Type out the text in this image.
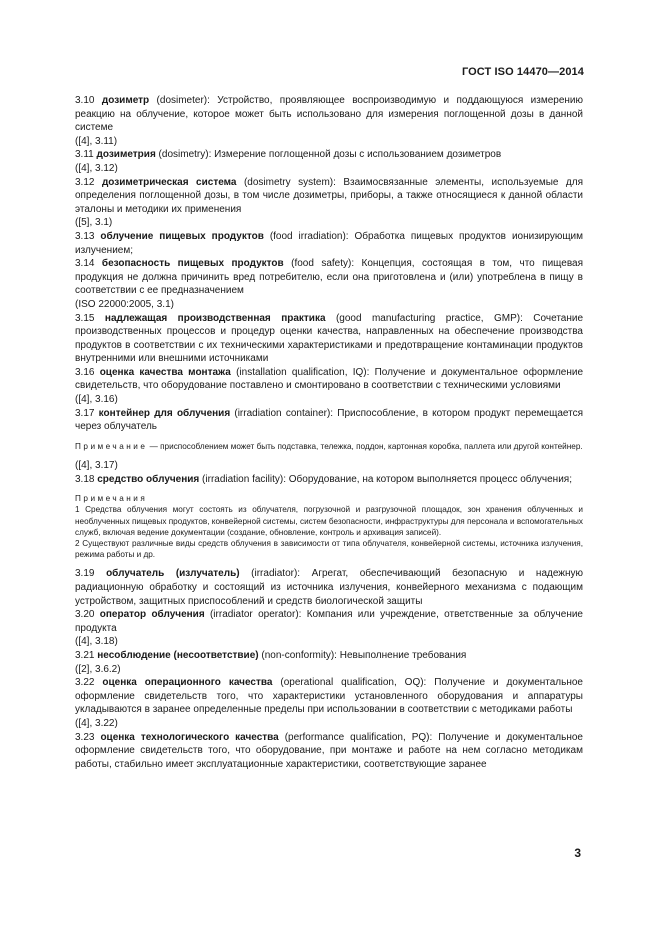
ГОСТ ISO 14470—2014

3.10 дозиметр (dosimeter): Устройство, проявляющее воспроизводимую и поддающуюся измерению реакцию на облучение, которое может быть использовано для измерения поглощенной дозы в данной системе

([4], 3.11)

3.11 дозиметрия (dosimetry): Измерение поглощенной дозы с использованием дозиметров

([4], 3.12)

3.12 дозиметрическая система (dosimetry system): Взаимосвязанные элементы, используемые для определения поглощенной дозы, в том числе дозиметры, приборы, а также относящиеся к данной области эталоны и методики их применения

([5], 3.1)

3.13 облучение пищевых продуктов (food irradiation): Обработка пищевых продуктов ионизирующим излучением;

3.14 безопасность пищевых продуктов (food safety): Концепция, состоящая в том, что пищевая продукция не должна причинить вред потребителю, если она приготовлена и (или) употреблена в пищу в соответствии с ее предназначением

(ISO 22000:2005, 3.1)

3.15 надлежащая производственная практика (good manufacturing practice, GMP): Сочетание производственных процессов и процедур оценки качества, направленных на обеспечение производства продуктов в соответствии с их техническими характеристиками и предотвращение контаминации продуктов внутренними или внешними источниками

3.16 оценка качества монтажа (installation qualification, IQ): Получение и документальное оформление свидетельств, что оборудование поставлено и смонтировано в соответствии с техническими условиями

([4], 3.16)

3.17 контейнер для облучения (irradiation container): Приспособление, в котором продукт перемещается через облучатель

Примечание — приспособлением может быть подставка, тележка, поддон, картонная коробка, паллета или другой контейнер.

([4], 3.17)

3.18 средство облучения (irradiation facility): Оборудование, на котором выполняется процесс облучения;

Примечания

1 Средства облучения могут состоять из облучателя, погрузочной и разгрузочной площадок, зон хранения облученных и необлученных пищевых продуктов, конвейерной системы, систем безопасности, инфраструктуры для персонала и вспомогательных служб, включая ведение документации (создание, обновление, контроль и архивация записей).

2 Существуют различные виды средств облучения в зависимости от типа облучателя, конвейерной системы, источника излучения, режима работы и др.

3.19 облучатель (излучатель) (irradiator): Агрегат, обеспечивающий безопасную и надежную радиационную обработку и состоящий из источника излучения, конвейерного механизма с подающим устройством, защитных приспособлений и средств биологической защиты

3.20 оператор облучения (irradiator operator): Компания или учреждение, ответственные за облучение продукта

([4], 3.18)

3.21 несоблюдение (несоответствие) (non-conformity): Невыполнение требования

([2], 3.6.2)

3.22 оценка операционного качества (operational qualification, OQ): Получение и документальное оформление свидетельств того, что характеристики установленного оборудования и аппаратуры укладываются в заранее определенные пределы при использовании в соответствии с методиками работы

([4], 3.22)

3.23 оценка технологического качества (performance qualification, PQ): Получение и документальное оформление свидетельств того, что оборудование, при монтаже и работе на нем согласно методикам работы, стабильно имеет эксплуатационные характеристики, соответствующие заранее

3
